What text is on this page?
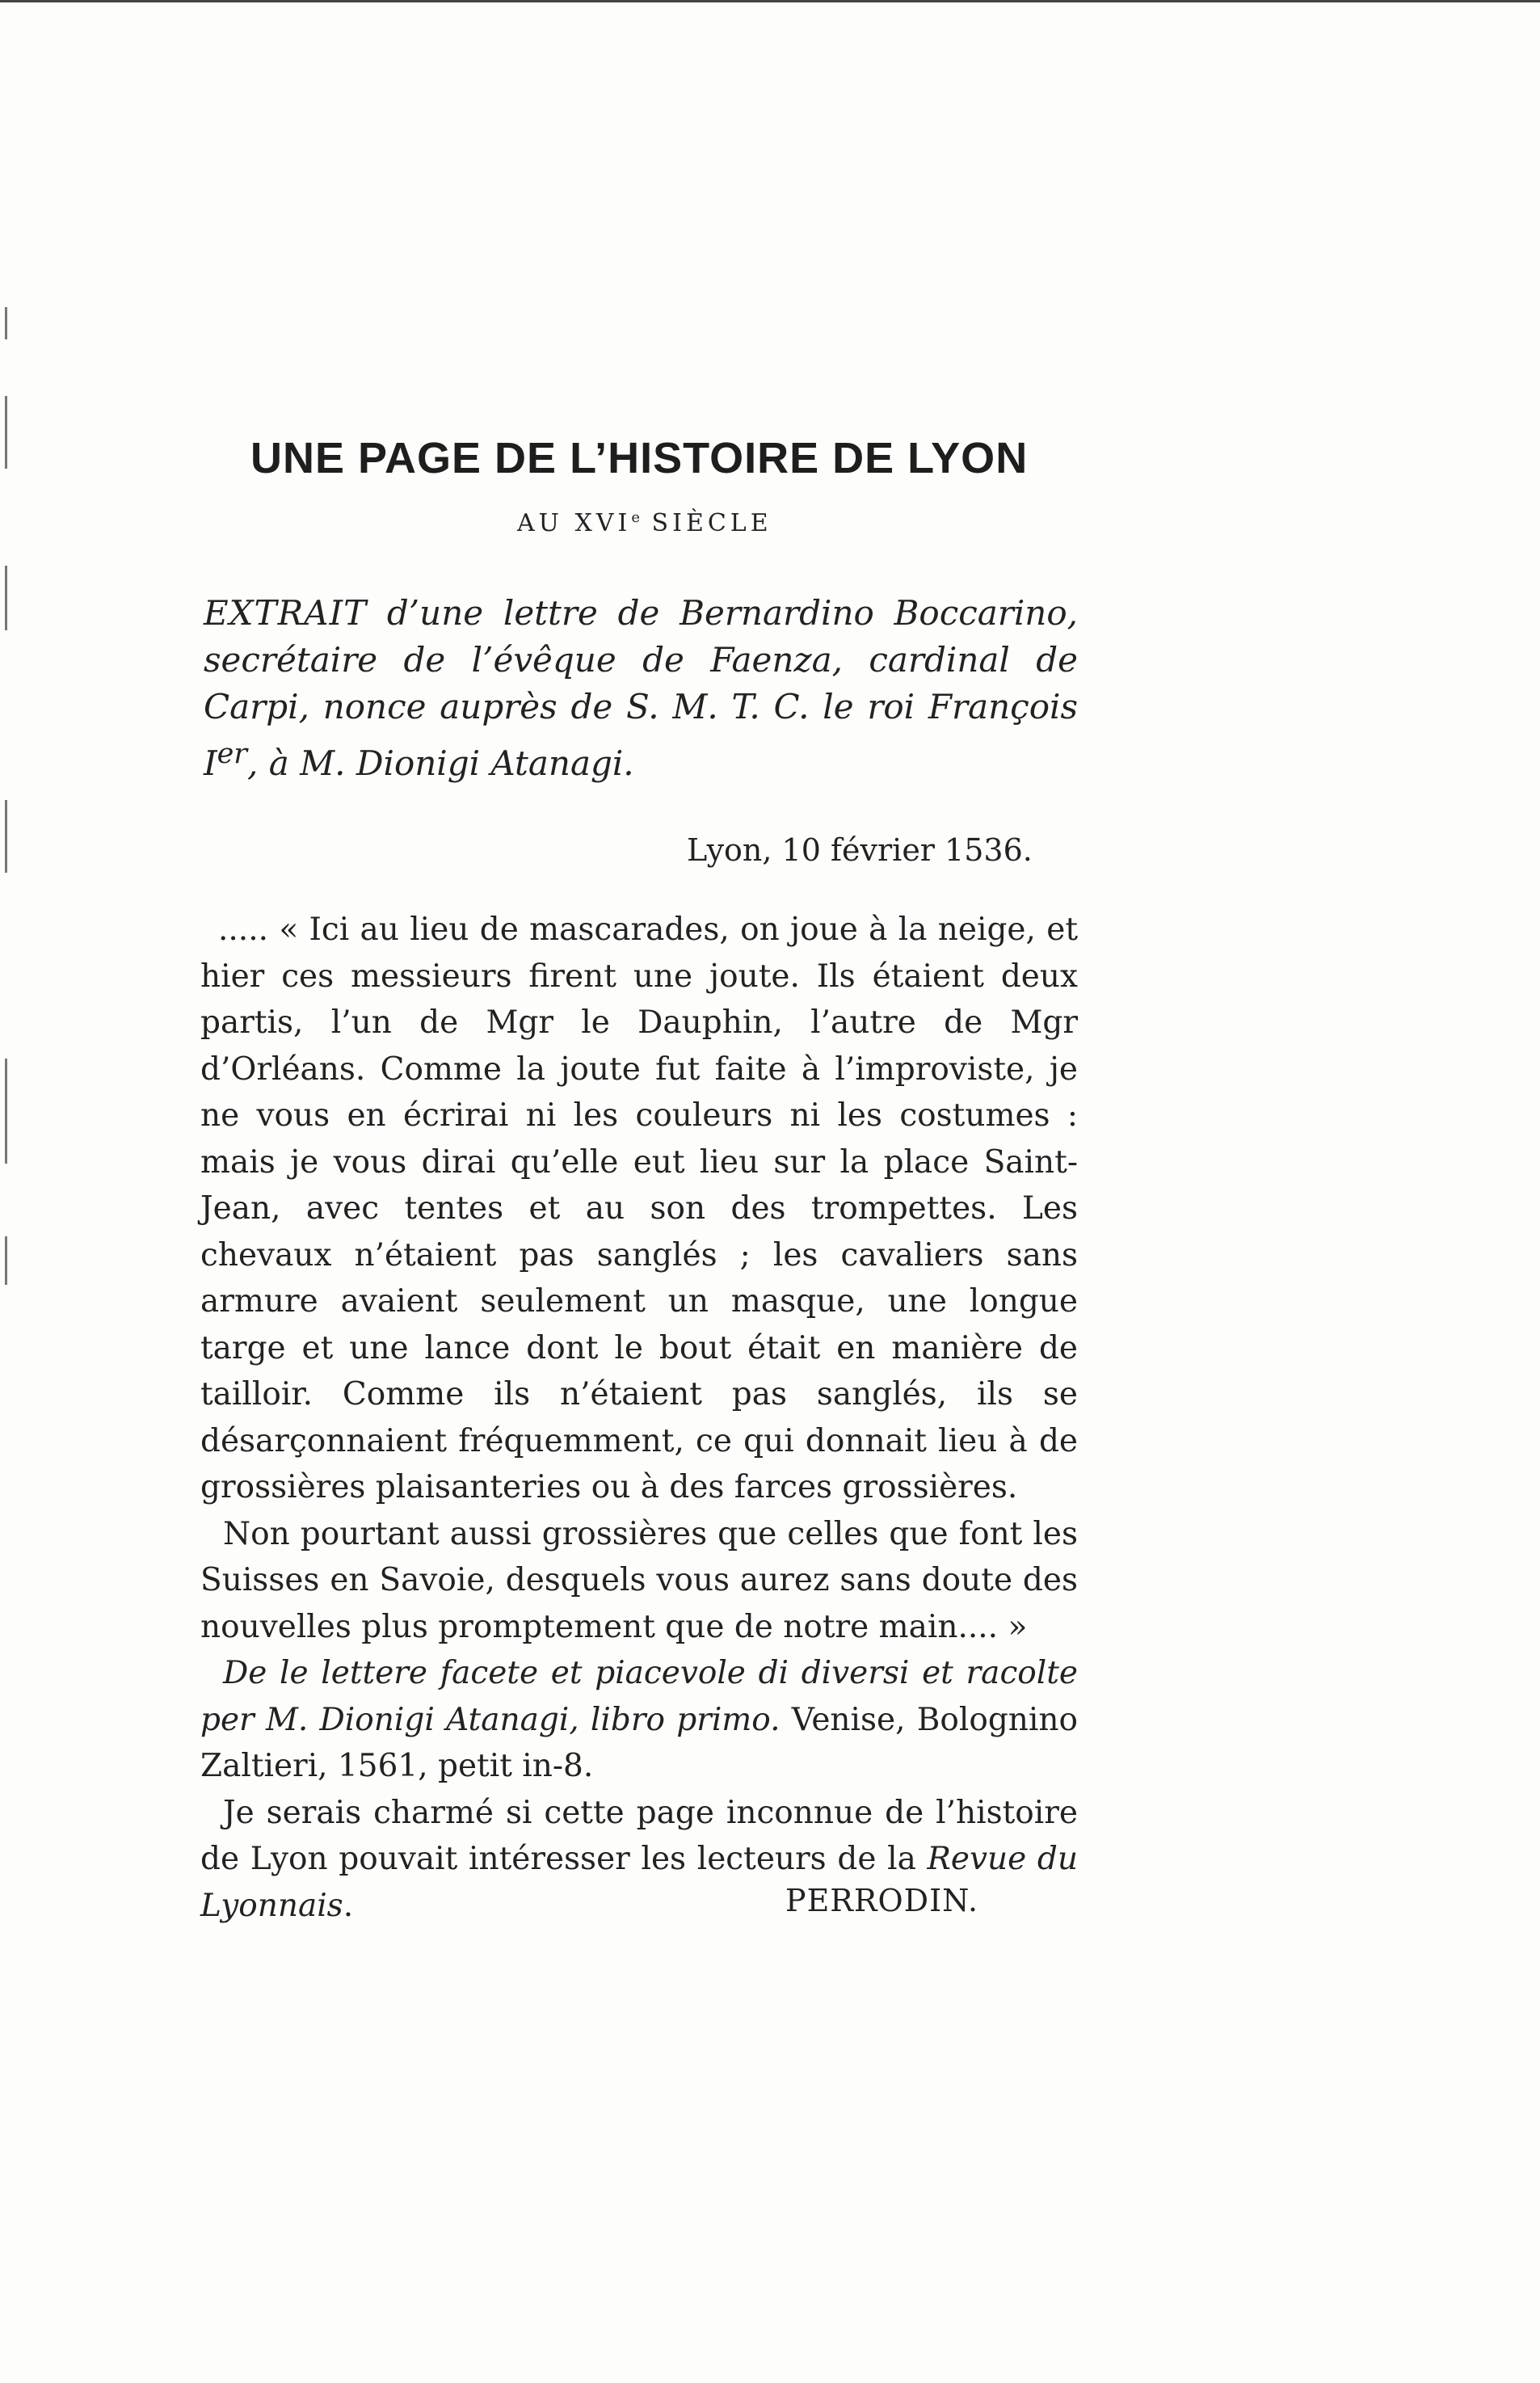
UNE PAGE DE L’HISTOIRE DE LYON
AU XVIe SIÈCLE
EXTRAIT d’une lettre de Bernardino Boccarino, secrétaire de l’évêque de Faenza, cardinal de Carpi, nonce auprès de S. M. T. C. le roi François Ier, à M. Dionigi Atanagi.
Lyon, 10 février 1536.

..... « Ici au lieu de mascarades, on joue à la neige, et hier ces messieurs firent une joute. Ils étaient deux partis, l’un de Mgr le Dauphin, l’autre de Mgr d’Orléans. Comme la joute fut faite à l’improviste, je ne vous en écrirai ni les couleurs ni les costumes : mais je vous dirai qu’elle eut lieu sur la place Saint-Jean, avec tentes et au son des trompettes. Les chevaux n’étaient pas sanglés ; les cavaliers sans armure avaient seulement un masque, une longue targe et une lance dont le bout était en manière de tailloir. Comme ils n’étaient pas sanglés, ils se désarçonnaient fréquemment, ce qui donnait lieu à de grossières plaisanteries ou à des farces grossières.

Non pourtant aussi grossières que celles que font les Suisses en Savoie, desquels vous aurez sans doute des nouvelles plus promptement que de notre main.... »

De le lettere facete et piacevole di diversi et racolte per M. Dionigi Atanagi, libro primo. Venise, Bolognino Zaltieri, 1561, petit in-8.

Je serais charmé si cette page inconnue de l’histoire de Lyon pouvait intéresser les lecteurs de la Revue du Lyonnais.	PERRODIN.
